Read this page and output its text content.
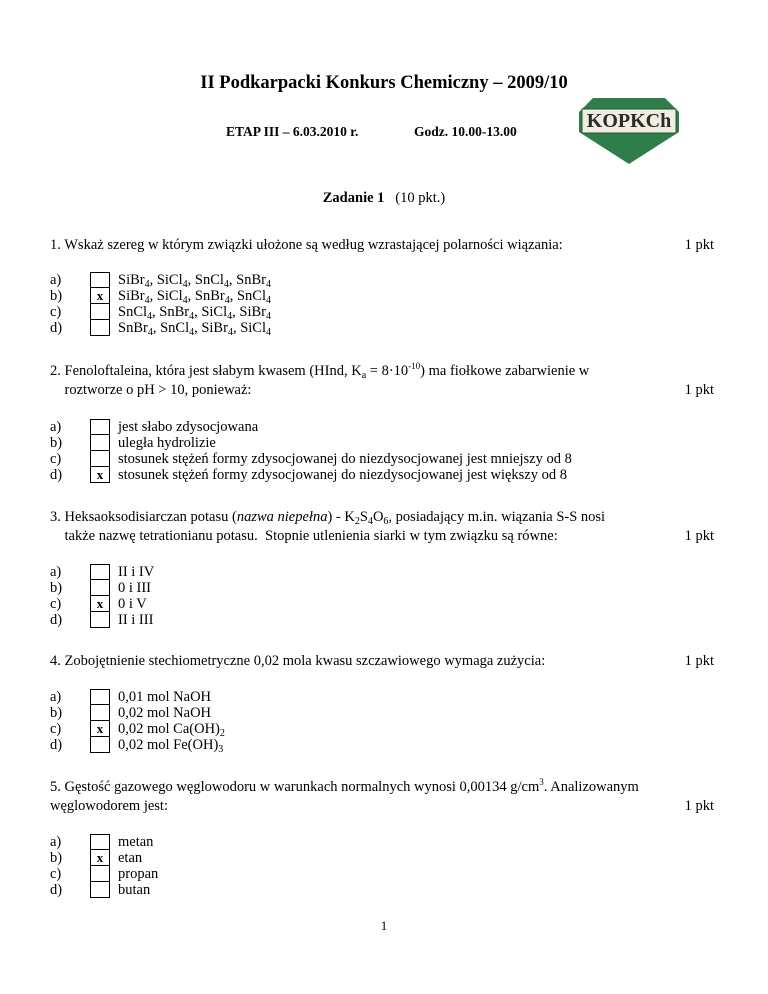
II Podkarpacki Konkurs Chemiczny – 2009/10
ETAP III – 6.03.2010 r.	Godz. 10.00-13.00	KOPKCh
Zadanie 1 (10 pkt.)
1. Wskaż szereg w którym związki ułożone są według wzrastającej polarności wiązania:	1 pkt
a)	SiBr$_4$, SiCl$_4$, SnCl$_4$, SnBr$_4$
b)	x	SiBr$_4$, SiCl$_4$, SnBr$_4$, SnCl$_4$
c)	SnCl$_4$, SnBr$_4$, SiCl$_4$, SiBr$_4$
d)	SnBr$_4$, SnCl$_4$, SiBr$_4$, SiCl$_4$
2. Fenoloftaleina, która jest słabym kwasem (HInd, $K_a = 8\cdot 10^{-10}$) ma fiołkowe zabarwienie w
roztworze o pH > 10, ponieważ:	1 pkt
a)	jest słabo zdysocjowana
b)	uległa hydrolizie
c)	stosunek stężeń formy zdysocjowanej do niezdysocjowanej jest mniejszy od 8
d)	x	stosunek stężeń formy zdysocjowanej do niezdysocjowanej jest większy od 8
3. Heksaoksodisiarczan potasu (nazwa niepełna) - $K_2S_4O_6$, posiadający m.in. wiązania S-S nosi
także nazwę tetrationianu potasu.  Stopnie utlenienia siarki w tym związku są równe:	1 pkt
a)	II i IV
b)	0 i III
c)	x	0 i V
d)	II i III
4. Zobojętnienie stechiometryczne 0,02 mola kwasu szczawiowego wymaga zużycia:	1 pkt
a)	0,01 mol NaOH
b)	0,02 mol NaOH
c)	x	0,02 mol $Ca(OH)_2$
d)	0,02 mol $Fe(OH)_3$
5. Gęstość gazowego węglowodoru w warunkach normalnych wynosi 0,00134 $g/cm^3$. Analizowanym
węglowodorem jest:	1 pkt
a)	metan
b)	x	etan
c)	propan
d)	butan
1
